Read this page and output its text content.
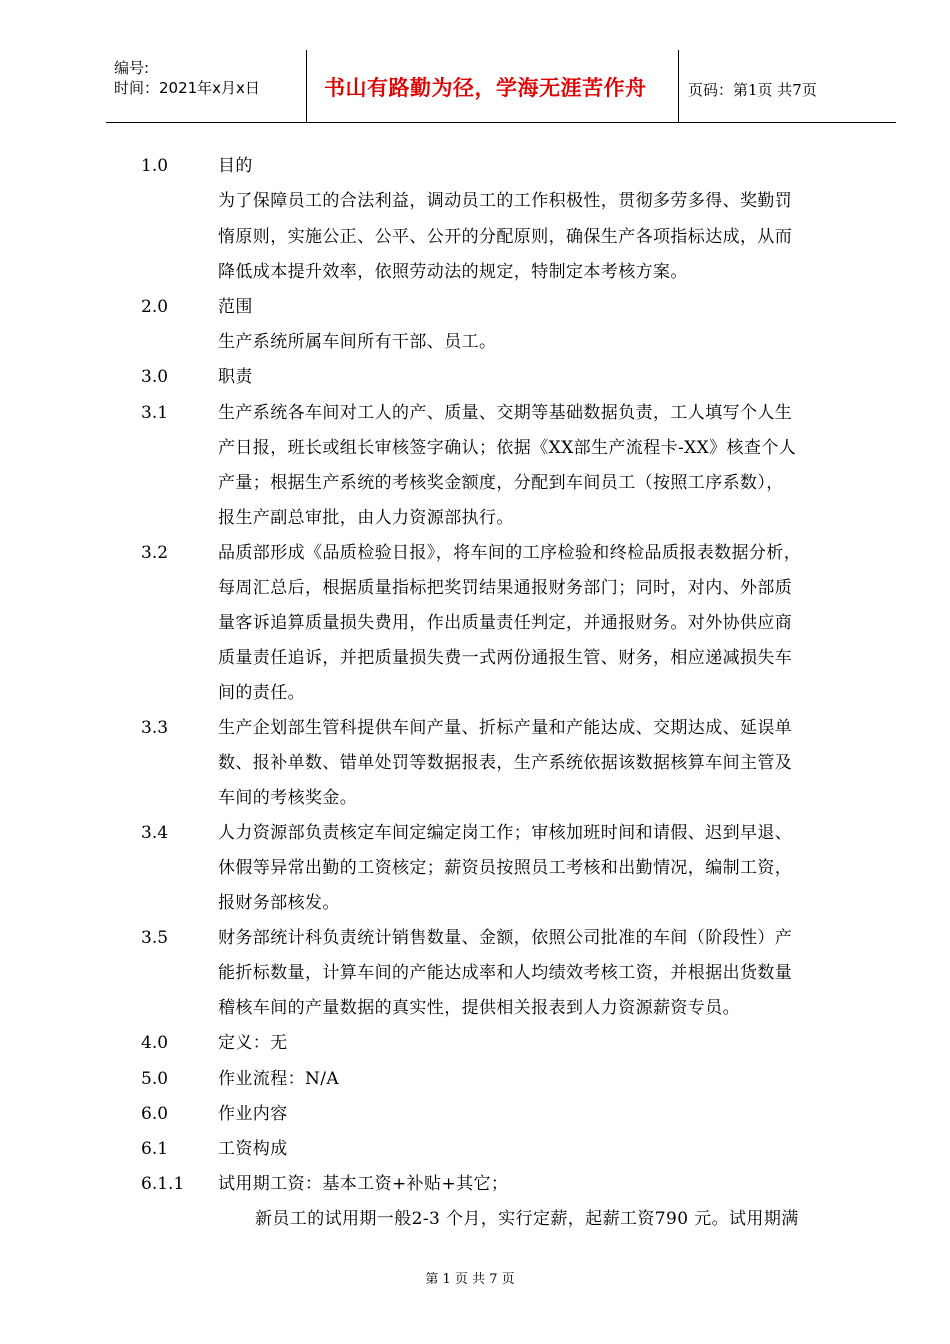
编号:
时间：2021年x月x日	书山有路勤为径，学海无涯苦作舟	页码：第1页 共7页
1.0	目的
为了保障员工的合法利益，调动员工的工作积极性，贯彻多劳多得、奖勤罚
惰原则，实施公正、公平、公开的分配原则，确保生产各项指标达成，从而
降低成本提升效率，依照劳动法的规定，特制定本考核方案。
2.0	范围
生产系统所属车间所有干部、员工。
3.0	职责
3.1	生产系统各车间对工人的产、质量、交期等基础数据负责，工人填写个人生
产日报，班长或组长审核签字确认；依据《XX部生产流程卡-XX》核查个人
产量；根据生产系统的考核奖金额度，分配到车间员工（按照工序系数），
报生产副总审批，由人力资源部执行。
3.2	品质部形成《品质检验日报》，将车间的工序检验和终检品质报表数据分析，
每周汇总后，根据质量指标把奖罚结果通报财务部门；同时，对内、外部质
量客诉追算质量损失费用，作出质量责任判定，并通报财务。对外协供应商
质量责任追诉，并把质量损失费一式两份通报生管、财务，相应递减损失车
间的责任。
3.3	生产企划部生管科提供车间产量、折标产量和产能达成、交期达成、延误单
数、报补单数、错单处罚等数据报表，生产系统依据该数据核算车间主管及
车间的考核奖金。
3.4	人力资源部负责核定车间定编定岗工作；审核加班时间和请假、迟到早退、
休假等异常出勤的工资核定；薪资员按照员工考核和出勤情况，编制工资，
报财务部核发。
3.5	财务部统计科负责统计销售数量、金额，依照公司批准的车间（阶段性）产
能折标数量，计算车间的产能达成率和人均绩效考核工资，并根据出货数量
稽核车间的产量数据的真实性，提供相关报表到人力资源薪资专员。
4.0	定义：无
5.0	作业流程：N/A
6.0	作业内容
6.1	工资构成
6.1.1 试用期工资：基本工资+补贴+其它；
新员工的试用期一般2-3 个月，实行定薪，起薪工资790 元。试用期满
第 1 页 共 7 页
